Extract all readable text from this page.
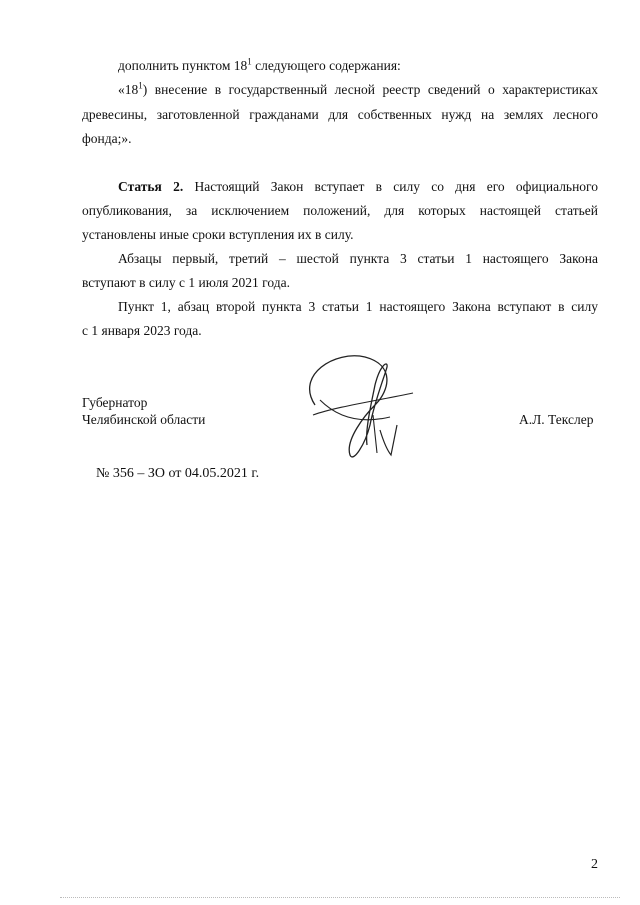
дополнить пунктом $18^1$ следующего содержания:
«$18^1$) внесение в государственный лесной реестр сведений о характеристиках
древесины, заготовленной гражданами для собственных нужд на землях лесного
фонда;».
Статья 2. Настоящий Закон вступает в силу со дня его официального
опубликования, за исключением положений, для которых настоящей статьей
установлены иные сроки вступления их в силу.
Абзацы первый, третий – шестой пункта 3 статьи 1 настоящего Закона
вступают в силу с 1 июля 2021 года.
Пункт 1, абзац второй пункта 3 статьи 1 настоящего Закона вступают в силу
с 1 января 2023 года.
Губернатор
Челябинской области	А.Л. Текслер
№ 356 – ЗО от 04.05.2021 г.
2
